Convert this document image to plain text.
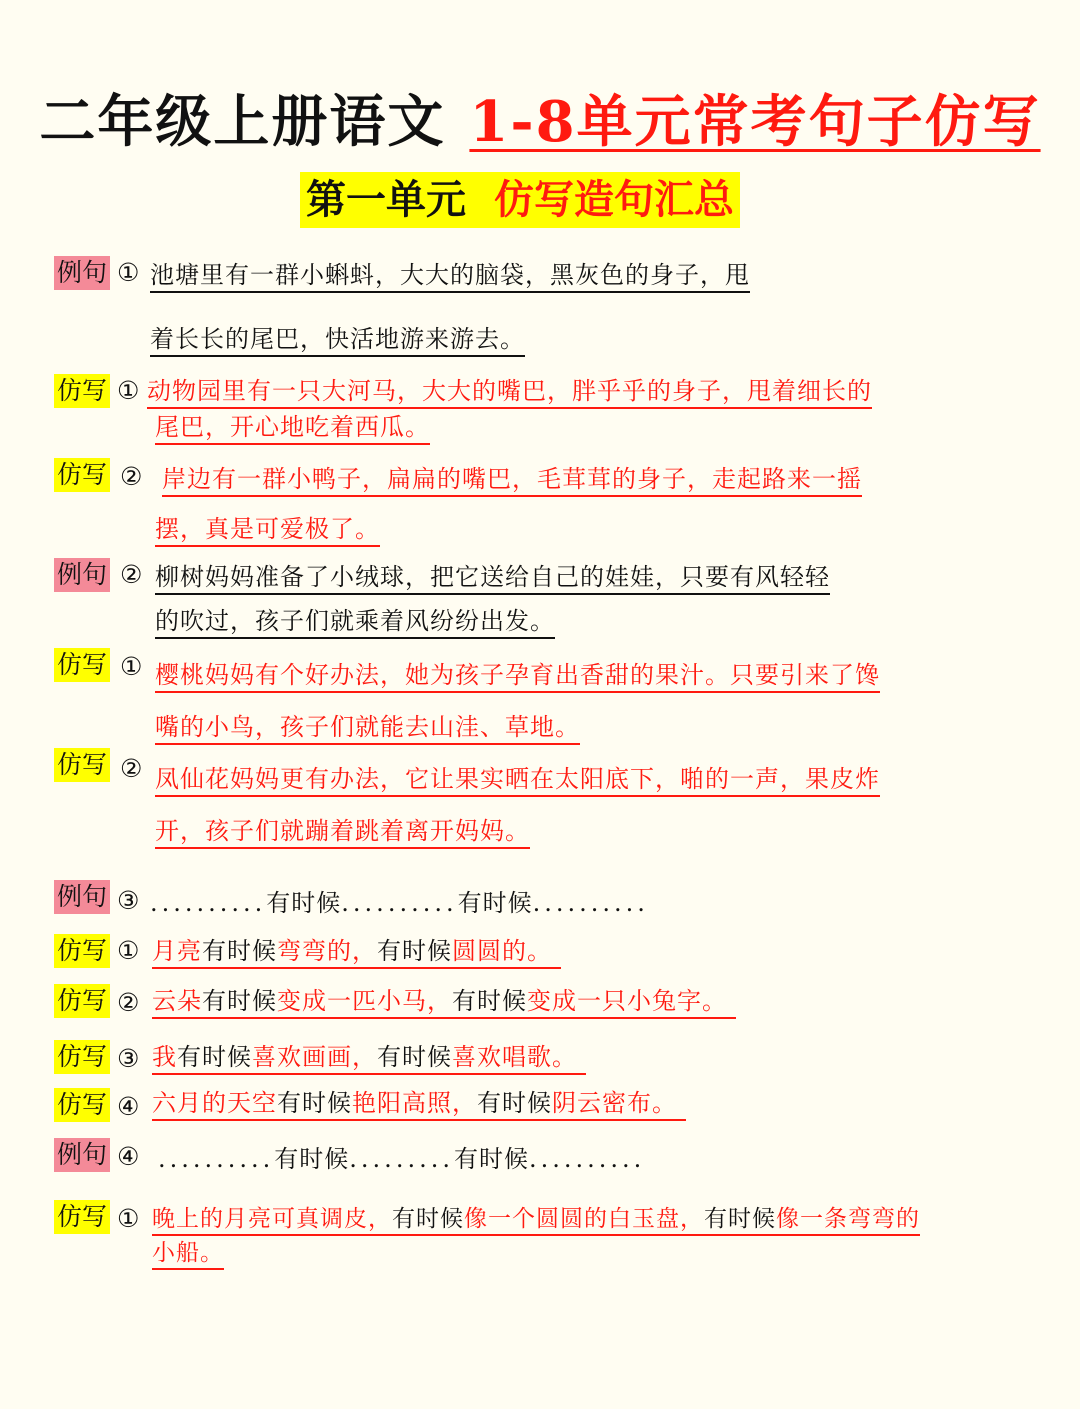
二年级上册语文 1-8单元常考句子仿写
第一单元 仿写造句汇总
例句 ① 池塘里有一群小蝌蚪，大大的脑袋，黑灰色的身子，甩
着长长的尾巴，快活地游来游去。
仿写 ① 动物园里有一只大河马，大大的嘴巴，胖乎乎的身子，甩着细长的
尾巴，开心地吃着西瓜。
仿写 ② 岸边有一群小鸭子，扁扁的嘴巴，毛茸茸的身子，走起路来一摇
摆，真是可爱极了。
例句 ② 柳树妈妈准备了小绒球，把它送给自己的娃娃，只要有风轻轻
的吹过，孩子们就乘着风纷纷出发。
仿写 ① 樱桃妈妈有个好办法，她为孩子孕育出香甜的果汁。只要引来了馋
嘴的小鸟，孩子们就能去山洼、草地。
仿写 ② 凤仙花妈妈更有办法，它让果实晒在太阳底下，啪的一声，果皮炸
开，孩子们就蹦着跳着离开妈妈。
例句 ③ ..........有时候..........有时候..........
仿写 ① 月亮有时候弯弯的，有时候圆圆的。
仿写 ② 云朵有时候变成一匹小马，有时候变成一只小兔字。
仿写 ③ 我有时候喜欢画画，有时候喜欢唱歌。
仿写 ④ 六月的天空有时候艳阳高照，有时候阴云密布。
例句 ④ ..........有时候.........有时候..........
仿写 ① 晚上的月亮可真调皮，有时候像一个圆圆的白玉盘，有时候像一条弯弯的
小船。
